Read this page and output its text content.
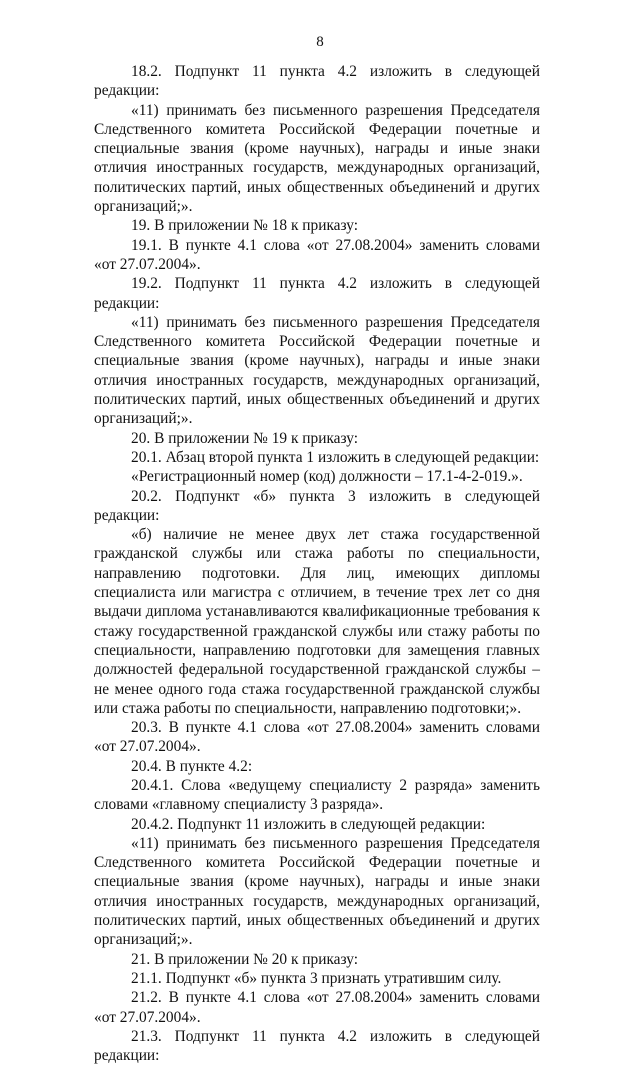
8

18.2. Подпункт 11 пункта 4.2 изложить в следующей редакции:

«11) принимать без письменного разрешения Председателя Следственного комитета Российской Федерации почетные и специальные звания (кроме научных), награды и иные знаки отличия иностранных государств, международных организаций, политических партий, иных общественных объединений и других организаций;».

19. В приложении № 18 к приказу:

19.1. В пункте 4.1 слова «от 27.08.2004» заменить словами «от 27.07.2004».

19.2. Подпункт 11 пункта 4.2 изложить в следующей редакции:

«11) принимать без письменного разрешения Председателя Следственного комитета Российской Федерации почетные и специальные звания (кроме научных), награды и иные знаки отличия иностранных государств, международных организаций, политических партий, иных общественных объединений и других организаций;».

20. В приложении № 19 к приказу:

20.1. Абзац второй пункта 1 изложить в следующей редакции:

«Регистрационный номер (код) должности – 17.1-4-2-019.».

20.2. Подпункт «б» пункта 3 изложить в следующей редакции:

«б) наличие не менее двух лет стажа государственной гражданской службы или стажа работы по специальности, направлению подготовки. Для лиц, имеющих дипломы специалиста или магистра с отличием, в течение трех лет со дня выдачи диплома устанавливаются квалификационные требования к стажу государственной гражданской службы или стажу работы по специальности, направлению подготовки для замещения главных должностей федеральной государственной гражданской службы – не менее одного года стажа государственной гражданской службы или стажа работы по специальности, направлению подготовки;».

20.3. В пункте 4.1 слова «от 27.08.2004» заменить словами «от 27.07.2004».

20.4. В пункте 4.2:

20.4.1. Слова «ведущему специалисту 2 разряда» заменить словами «главному специалисту 3 разряда».

20.4.2. Подпункт 11 изложить в следующей редакции:

«11) принимать без письменного разрешения Председателя Следственного комитета Российской Федерации почетные и специальные звания (кроме научных), награды и иные знаки отличия иностранных государств, международных организаций, политических партий, иных общественных объединений и других организаций;».

21. В приложении № 20 к приказу:

21.1. Подпункт «б» пункта 3 признать утратившим силу.

21.2. В пункте 4.1 слова «от 27.08.2004» заменить словами «от 27.07.2004».

21.3. Подпункт 11 пункта 4.2 изложить в следующей редакции:
